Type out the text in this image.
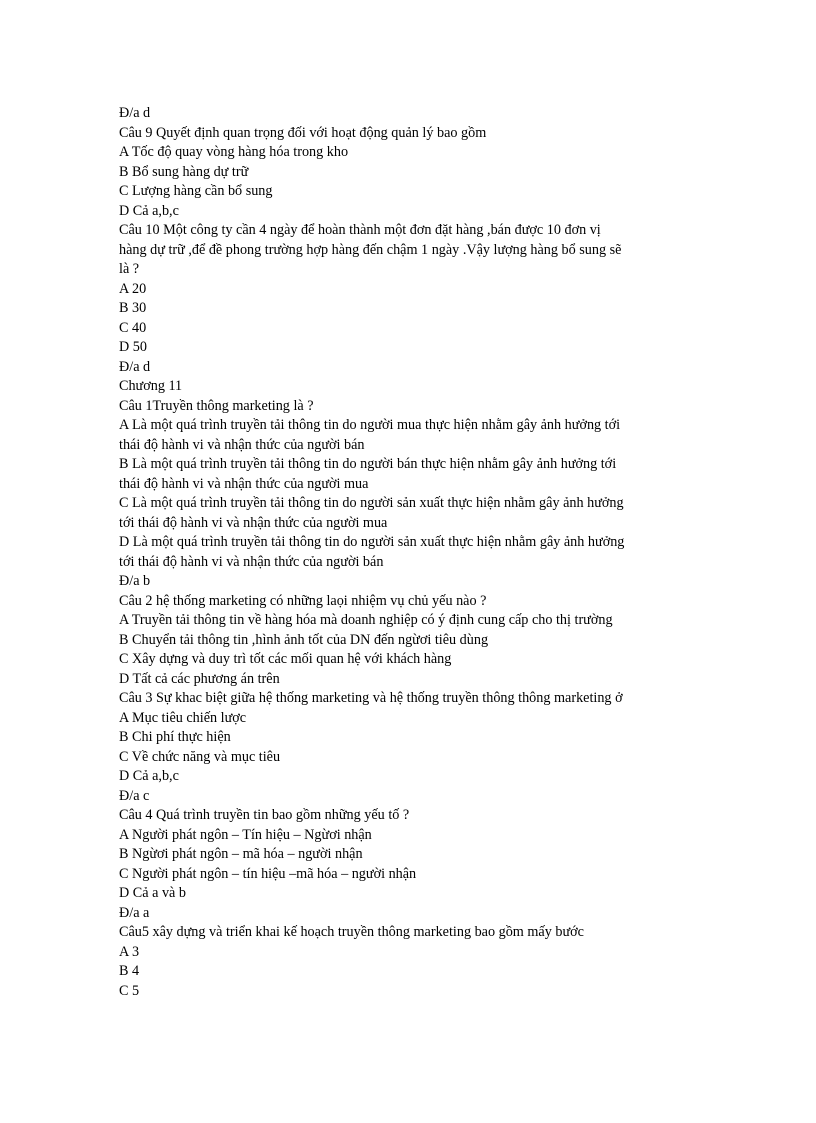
Đ/a d
Câu 9 Quyết định quan trọng đối với hoạt động quản lý bao gồm
A Tốc độ quay vòng hàng hóa trong kho
B Bổ sung hàng dự trữ
C Lượng hàng cần bổ sung
D Cả a,b,c
Câu 10 Một công ty cần 4 ngày để hoàn thành một đơn đặt hàng ,bán được 10 đơn vị
hàng dự trữ ,để đề phong trường hợp hàng đến chậm 1 ngày .Vậy lượng hàng bổ sung sẽ
là ?
A 20
B 30
C 40
D 50
Đ/a d
Chương 11
Câu 1Truyền thông marketing là ?
A Là một quá trình truyền tải thông tin do người mua thực hiện nhằm gây ảnh hưởng tới
thái độ hành vi và nhận thức của người bán
B Là một quá trình truyền tải thông tin do người bán thực hiện nhằm gây ảnh hưởng tới
thái độ hành vi và nhận thức của người mua
C Là một quá trình truyền tải thông tin do người sản xuất thực hiện nhằm gây ảnh hưởng
tới thái độ hành vi và nhận thức của người mua
D Là một quá trình truyền tải thông tin do người sản xuất thực hiện nhằm gây ảnh hưởng
tới thái độ hành vi và nhận thức của người bán
Đ/a b
Câu 2 hệ thống marketing có những laọi nhiệm vụ chủ yếu nào ?
A Truyền tải thông tin về hàng hóa mà doanh nghiệp có ý định cung cấp cho thị trường
B Chuyển tải thông tin ,hình ảnh tốt của DN đến ngừơi tiêu dùng
C Xây dựng và duy trì tốt các mối quan hệ với khách hàng
D Tất cả các phương án trên
Câu 3 Sự khac biệt giữa hệ thống marketing và hệ thống truyền thông thông marketing ở
A Mục tiêu chiến lược
B Chi phí thực hiện
C Về chức năng và mục tiêu
D Cả a,b,c
Đ/a c
Câu 4 Quá trình truyền tin bao gồm những yếu tố ?
A Người phát ngôn – Tín hiệu – Ngừơi nhận
B Ngừơi phát ngôn – mã hóa – người nhận
C Người phát ngôn – tín hiệu –mã hóa – người nhận
D Cả a và b
Đ/a a
Câu5 xây dựng và triển khai kế hoạch truyền thông marketing bao gồm mấy bước
A 3
B 4
C 5
